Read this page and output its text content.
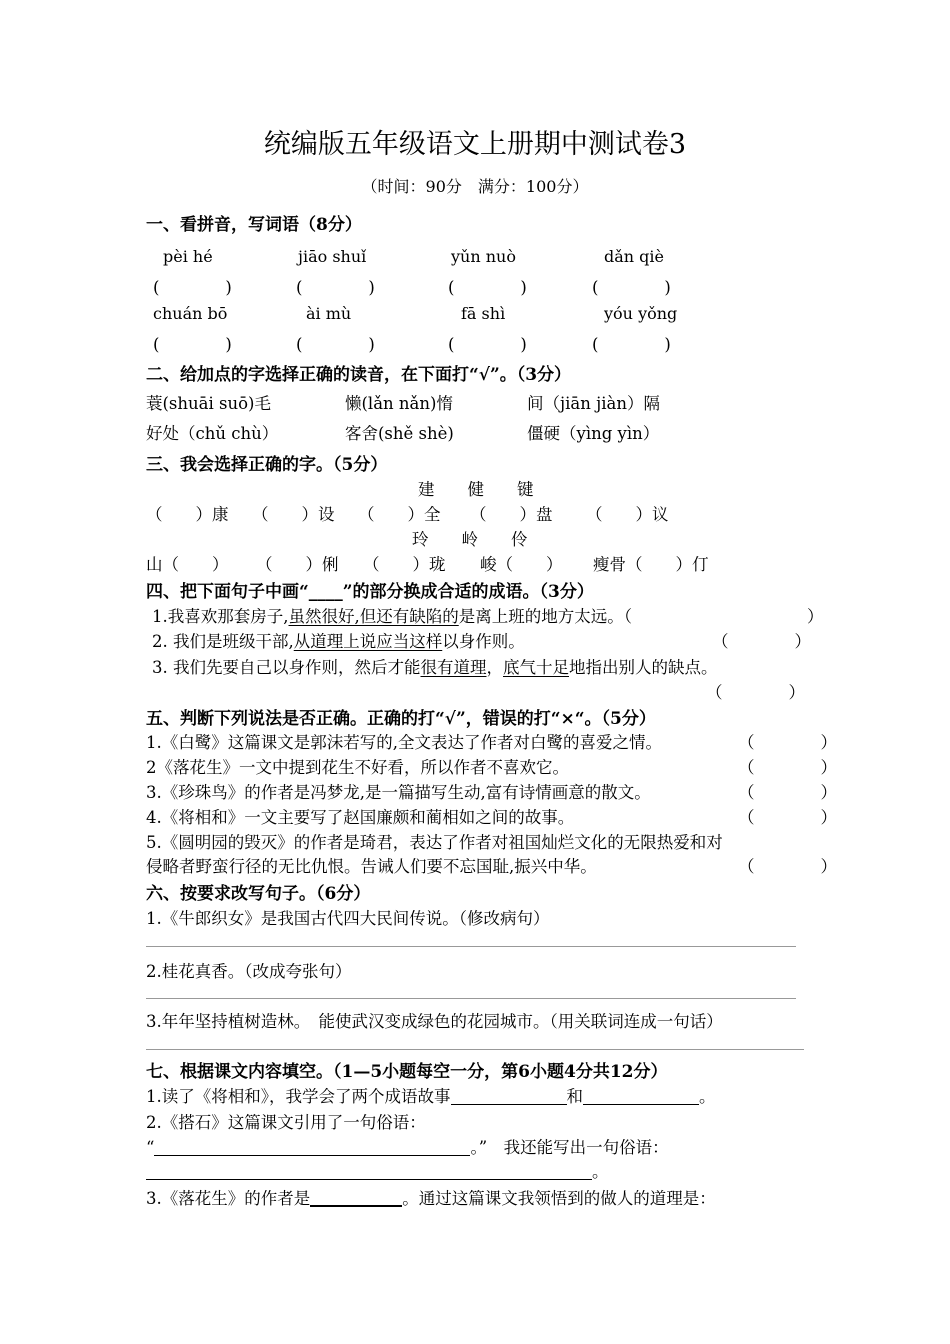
统编版五年级语文上册期中测试卷3
（时间：90分　满分：100分）
一、看拼音，写词语（8分）
pèi hé	jiāo shuǐ	yǔn nuò	dǎn qiè
(　　　　)	(　　　　)	(　　　　)	(　　　　)
chuán bō	ài mù	fā shì	yóu yǒng
(　　　　)	(　　　　)	(　　　　)	(　　　　)
二、给加点的字选择正确的读音，在下面打“√”。（3分）
蓑(shuāi suō)毛	懒(lǎn nǎn)惰	间（jiān jiàn）隔
好处（chǔ chù）	客舍(shě shè)	僵硬（yìng yìn）
三、我会选择正确的字。（5分）
建　　健　　键
（　　）康 （　　）设 （　　）全 （　　）盘 （　　）议
玲　　岭　　伶
山（　　） （　　）俐 （　　）珑 峻（　　） 瘦骨（　　）仃
四、把下面句子中画“____”的部分换成合适的成语。（3分）
1.我喜欢那套房子,虽然很好,但还有缺陷的是离上班的地方太远。（	）
2. 我们是班级干部,从道理上说应当这样以身作则。	（　　　　）
3. 我们先要自己以身作则，然后才能很有道理，底气十足地指出别人的缺点。
（　　　　）
五、判断下列说法是否正确。正确的打“√”，错误的打“×“。（5分）
1.《白鹭》这篇课文是郭沫若写的,全文表达了作者对白鹭的喜爱之情。	（　　　　）
2《落花生》一文中提到花生不好看，所以作者不喜欢它。	（　　　　）
3.《珍珠鸟》的作者是冯梦龙,是一篇描写生动,富有诗情画意的散文。	（　　　　）
4.《将相和》一文主要写了赵国廉颇和蔺相如之间的故事。	（　　　　）
5.《圆明园的毁灭》的作者是琦君，表达了作者对祖国灿烂文化的无限热爱和对
侵略者野蛮行径的无比仇恨。告诫人们要不忘国耻,振兴中华。	（　　　　）
六、按要求改写句子。（6分）
1.《牛郎织女》是我国古代四大民间传说。（修改病句）
2.桂花真香。（改成夸张句）
3.年年坚持植树造林。　能使武汉变成绿色的花园城市。（用关联词连成一句话）
七、根据课文内容填空。（1—5小题每空一分，第6小题4分共12分）
1.读了《将相和》，我学会了两个成语故事	和	。
2.《搭石》这篇课文引用了一句俗语：
“	。”　我还能写出一句俗语：
。
3.《落花生》的作者是	。通过这篇课文我领悟到的做人的道理是：
